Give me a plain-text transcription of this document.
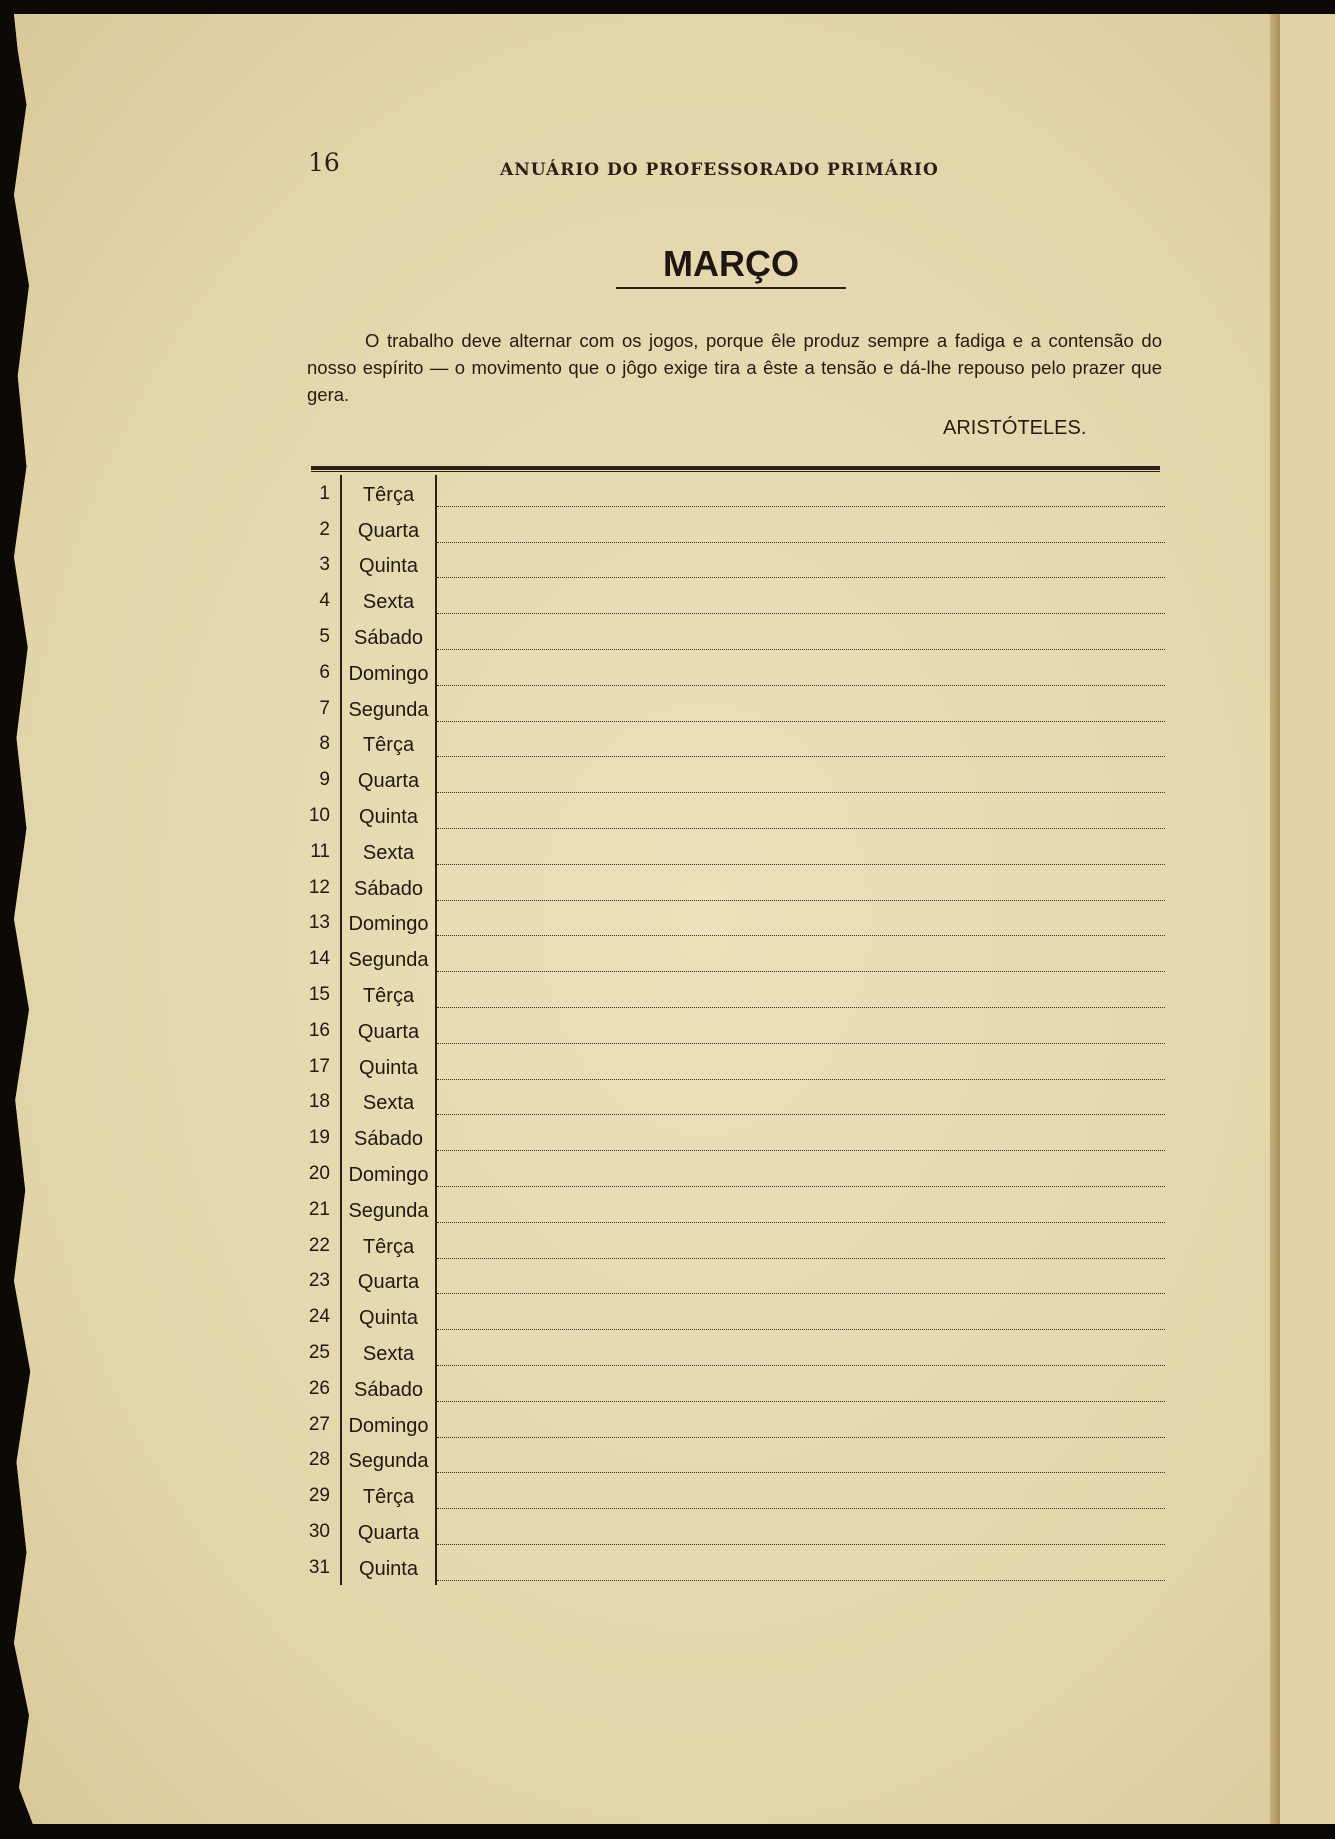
16	ANUÁRIO DO PROFESSORADO PRIMÁRIO
MARÇO
O trabalho deve alternar com os jogos, porque êle produz sempre a fadiga e a contensão do nosso espírito — o movimento que o jôgo exige tira a êste a tensão e dá-lhe repouso pelo prazer que gera.
ARISTÓTELES.
1	Têrça
2	Quarta
3	Quinta
4	Sexta
5	Sábado
6 Domingo
7 Segunda
8	Têrça
9	Quarta
10	Quinta
11	Sexta
12	Sábado
13 Domingo
14 Segunda
15	Têrça
16	Quarta
17	Quinta
18	Sexta
19	Sábado
20 Domingo
21 Segunda
22	Têrça
23	Quarta
24	Quinta
25	Sexta
26	Sábado
27 Domingo
28 Segunda
29	Têrça
30	Quarta
31	Quinta
